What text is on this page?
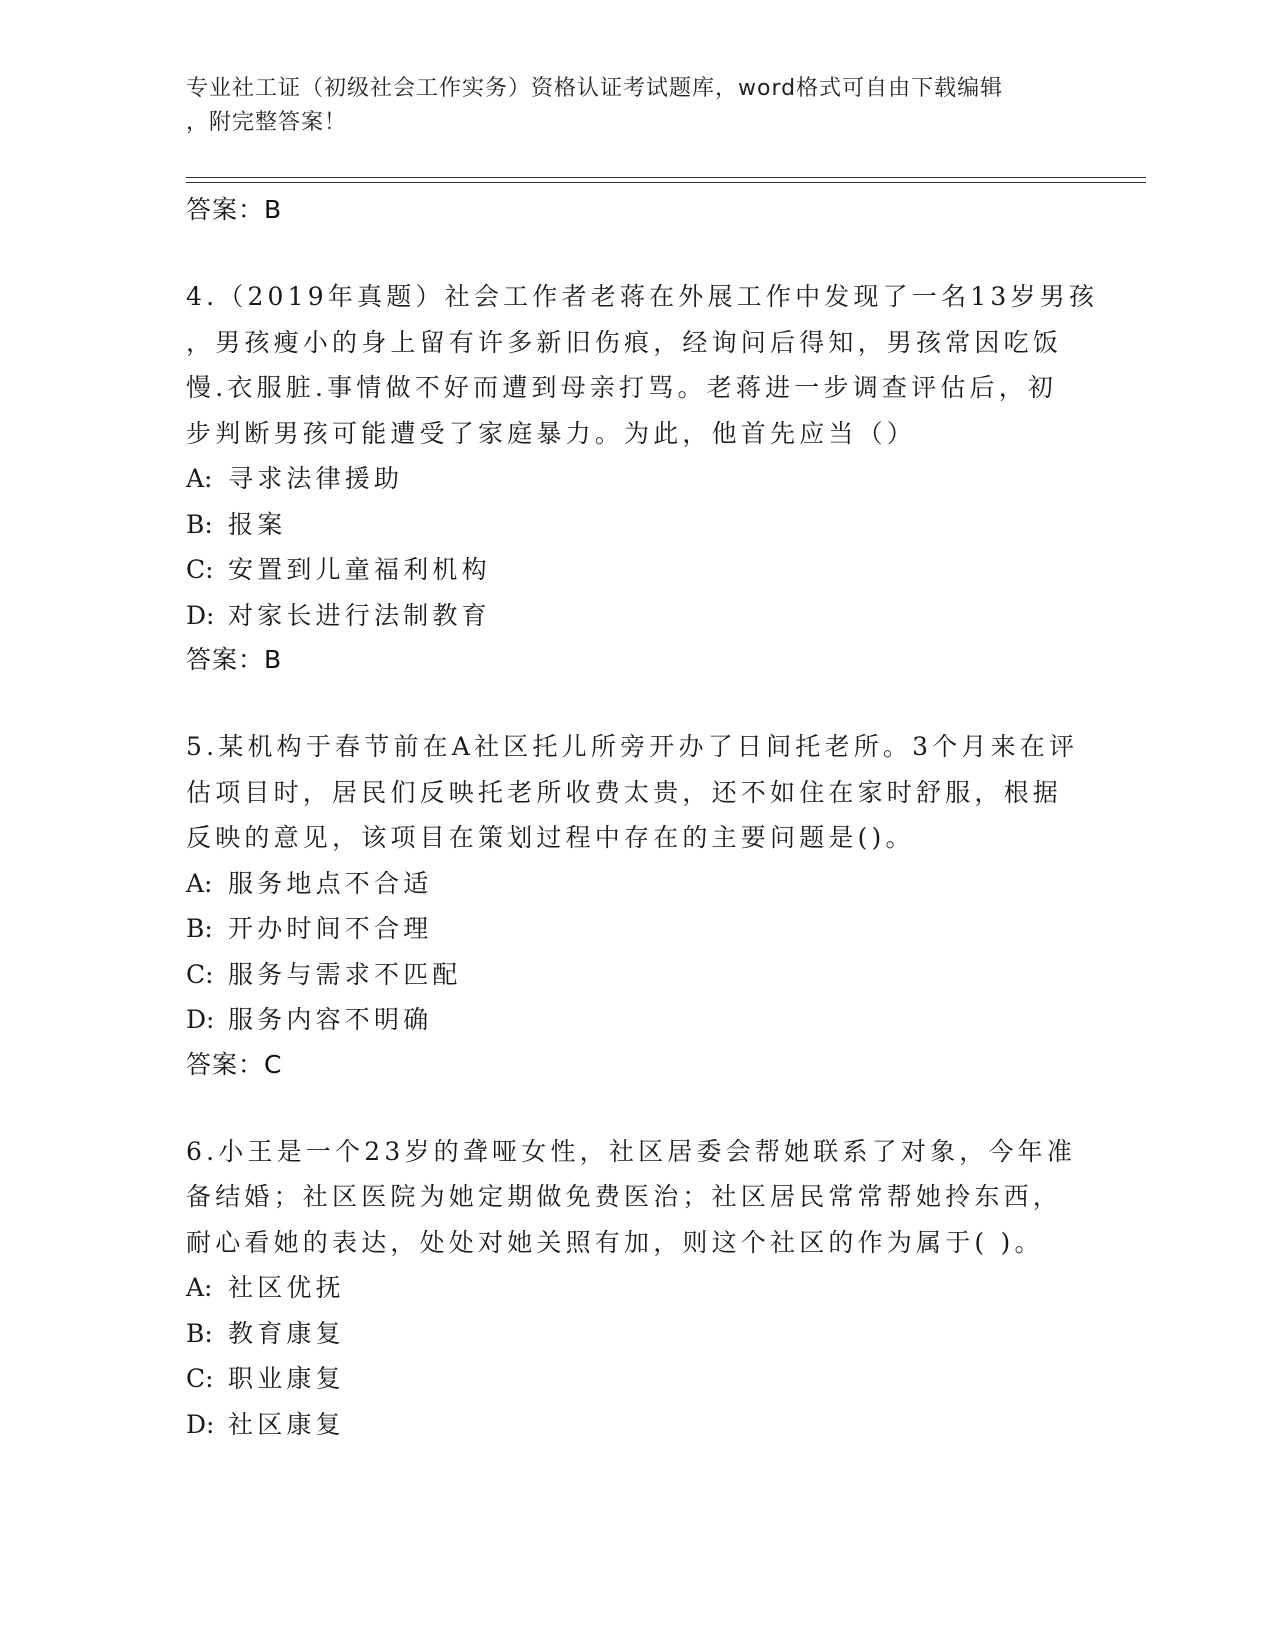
专业社工证（初级社会工作实务）资格认证考试题库，word格式可自由下载编辑
，附完整答案！
答案：B
4.（2019年真题）社会工作者老蒋在外展工作中发现了一名13岁男孩
，男孩瘦小的身上留有许多新旧伤痕，经询问后得知，男孩常因吃饭
慢.衣服脏.事情做不好而遭到母亲打骂。老蒋进一步调查评估后，初
步判断男孩可能遭受了家庭暴力。为此，他首先应当（）
A: 寻求法律援助
B: 报案
C: 安置到儿童福利机构
D: 对家长进行法制教育
答案：B
5.某机构于春节前在A社区托儿所旁开办了日间托老所。3个月来在评
估项目时，居民们反映托老所收费太贵，还不如住在家时舒服，根据
反映的意见，该项目在策划过程中存在的主要问题是()。
A: 服务地点不合适
B: 开办时间不合理
C: 服务与需求不匹配
D: 服务内容不明确
答案：C
6.小王是一个23岁的聋哑女性，社区居委会帮她联系了对象，今年准
备结婚；社区医院为她定期做免费医治；社区居民常常帮她拎东西，
耐心看她的表达，处处对她关照有加，则这个社区的作为属于( )。
A: 社区优抚
B: 教育康复
C: 职业康复
D: 社区康复
